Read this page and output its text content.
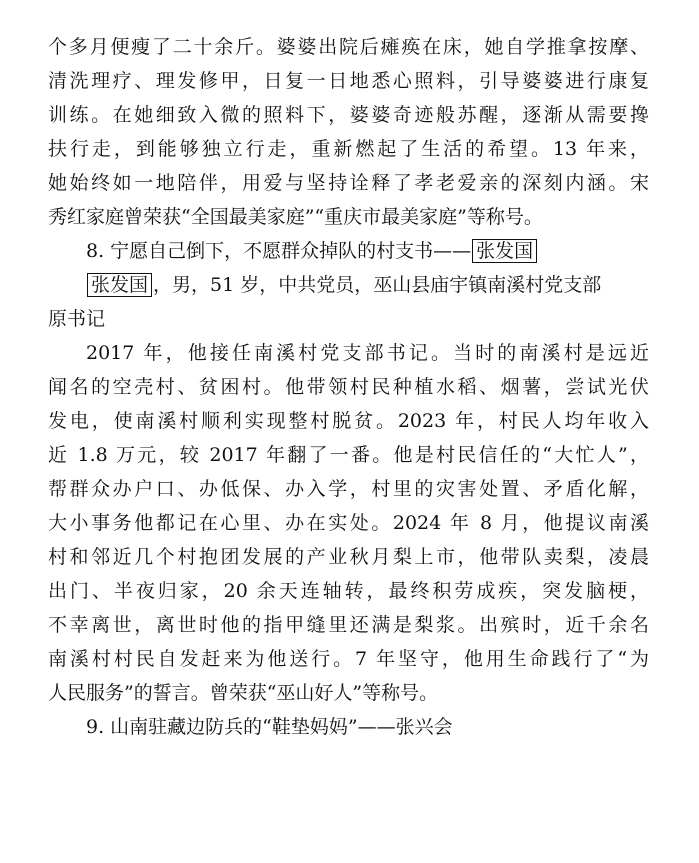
个多月便瘦了二十余斤。婆婆出院后瘫痪在床，她自学推拿按摩、
清洗理疗、理发修甲，日复一日地悉心照料，引导婆婆进行康复
训练。在她细致入微的照料下，婆婆奇迹般苏醒，逐渐从需要搀
扶行走，到能够独立行走，重新燃起了生活的希望。13 年来，
她始终如一地陪伴，用爱与坚持诠释了孝老爱亲的深刻内涵。宋
秀红家庭曾荣获“全国最美家庭”“重庆市最美家庭”等称号。
8. 宁愿自己倒下，不愿群众掉队的村支书—— 张发国
张发国 ，男，51 岁，中共党员，巫山县庙宇镇南溪村党支部
原书记
2017 年，他接任南溪村党支部书记。当时的南溪村是远近
闻名的空壳村、贫困村。他带领村民种植水稻、烟薯，尝试光伏
发电，使南溪村顺利实现整村脱贫。2023 年，村民人均年收入
近 1.8 万元，较 2017 年翻了一番。他是村民信任的“大忙人”，
帮群众办户口、办低保、办入学，村里的灾害处置、矛盾化解，
大小事务他都记在心里、办在实处。2024 年 8 月，他提议南溪
村和邻近几个村抱团发展的产业秋月梨上市，他带队卖梨，凌晨
出门、半夜归家，20 余天连轴转，最终积劳成疾，突发脑梗，
不幸离世，离世时他的指甲缝里还满是梨浆。出殡时，近千余名
南溪村村民自发赶来为他送行。7 年坚守，他用生命践行了“为
人民服务”的誓言。曾荣获“巫山好人”等称号。
9. 山南驻藏边防兵的“鞋垫妈妈”——张兴会
